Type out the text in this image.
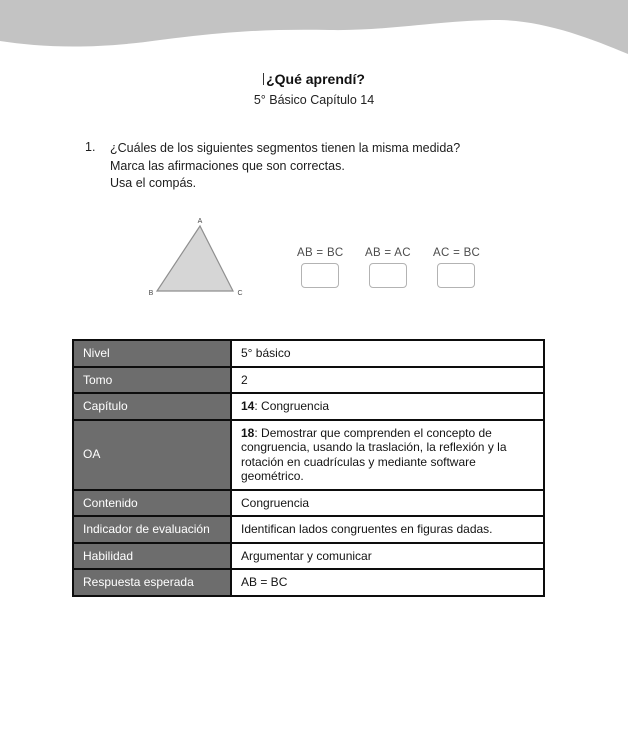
¿Qué aprendí?
5° Básico Capítulo 14
1.	¿Cuáles de los siguientes segmentos tienen la misma medida?
Marca las afirmaciones que son correctas.
Usa el compás.
A
B	C
AB = BC	AB = AC	AC = BC
Nivel	5° básico
Tomo	2
Capítulo	14: Congruencia
OA	18: Demostrar que comprenden el concepto de congruencia, usando la traslación, la reflexión y la rotación en cuadrículas y mediante software geométrico.
Contenido	Congruencia
Indicador de evaluación	Identifican lados congruentes en figuras dadas.
Habilidad	Argumentar y comunicar
Respuesta esperada	AB = BC
